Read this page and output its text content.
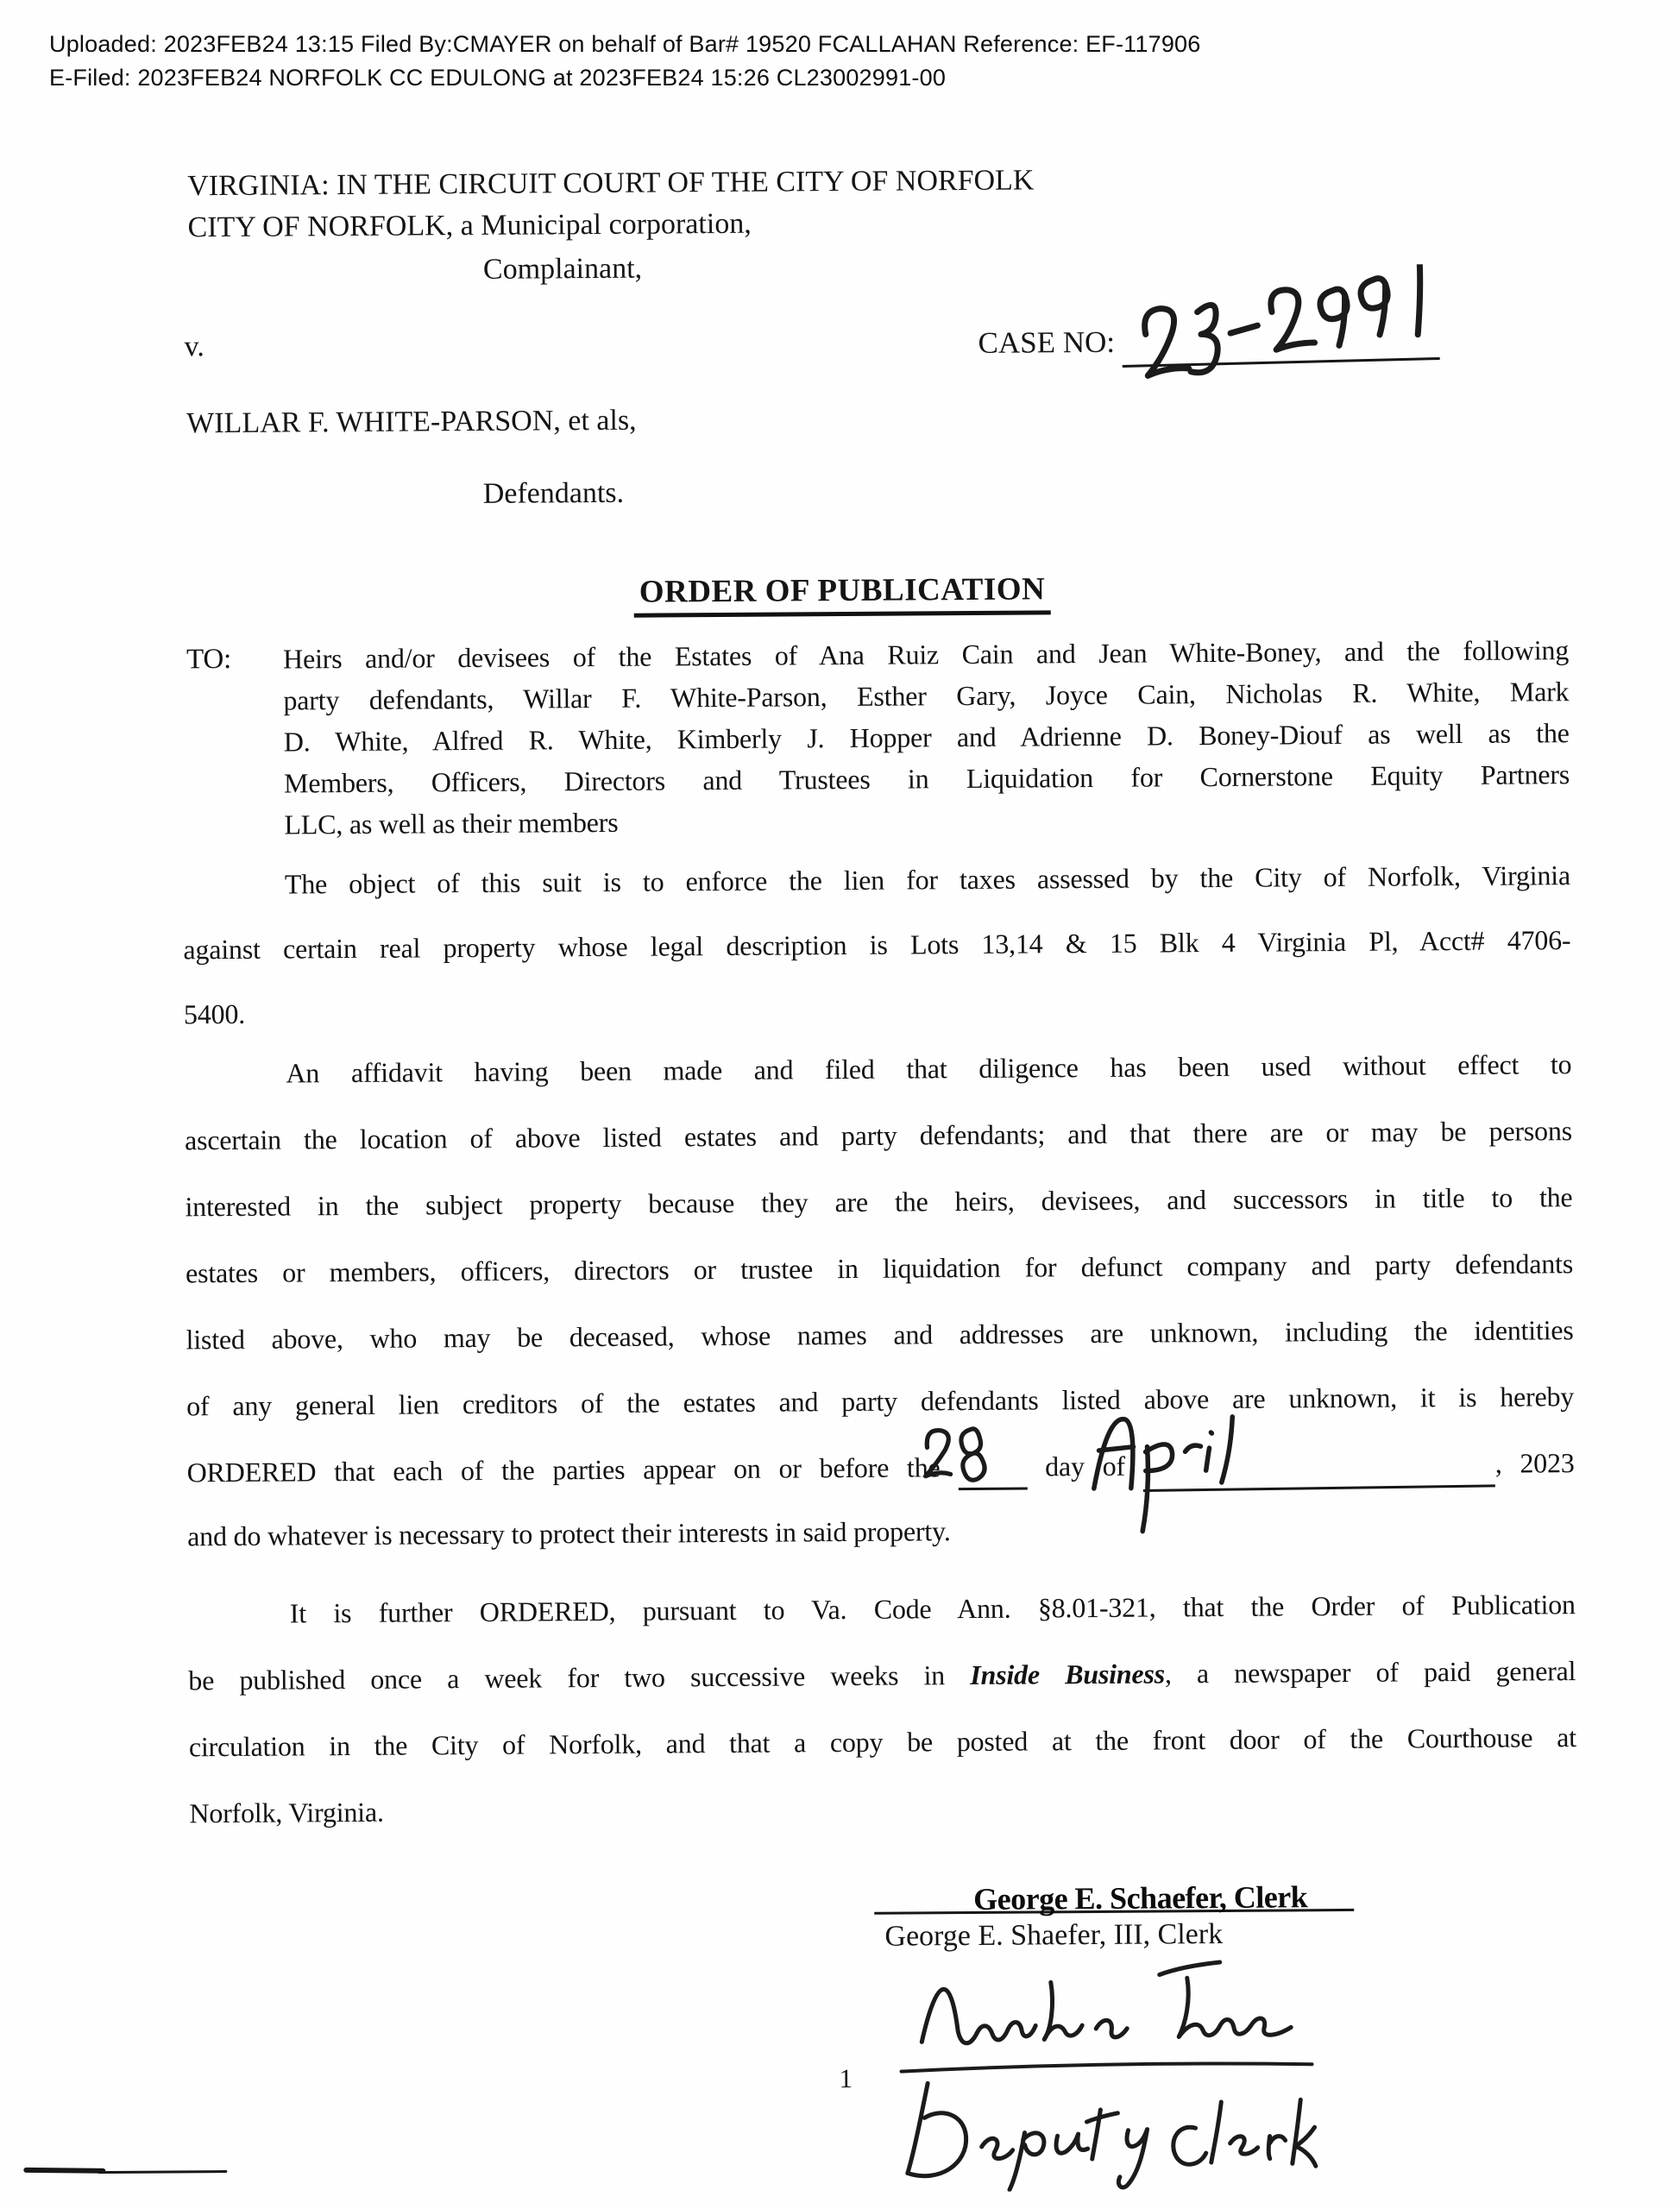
Uploaded: 2023FEB24 13:15 Filed By:CMAYER on behalf of Bar# 19520 FCALLAHAN Reference: EF-117906
E-Filed: 2023FEB24 NORFOLK CC EDULONG at 2023FEB24 15:26 CL23002991-00
VIRGINIA: IN THE CIRCUIT COURT OF THE CITY OF NORFOLK
CITY OF NORFOLK, a Municipal corporation,
Complainant,
v.	CASE NO:
WILLAR F. WHITE-PARSON, et als,
Defendants.
ORDER OF PUBLICATION
TO: Heirs and/or devisees of the Estates of Ana Ruiz Cain and Jean White-Boney, and the following
party defendants, Willar F. White-Parson, Esther Gary, Joyce Cain, Nicholas R. White, Mark
D. White, Alfred R. White, Kimberly J. Hopper and Adrienne D. Boney-Diouf as well as the
Members, Officers, Directors and Trustees in Liquidation for Cornerstone Equity Partners
LLC, as well as their members
The object of this suit is to enforce the lien for taxes assessed by the City of Norfolk, Virginia
against certain real property whose legal description is Lots 13,14 & 15 Blk 4 Virginia Pl, Acct# 4706-
5400.
An affidavit having been made and filed that diligence has been used without effect to
ascertain the location of above listed estates and party defendants; and that there are or may be persons
interested in the subject property because they are the heirs, devisees, and successors in title to the
estates or members, officers, directors or trustee in liquidation for defunct company and party defendants
listed above, who may be deceased, whose names and addresses are unknown, including the identities
of any general lien creditors of the estates and party defendants listed above are unknown, it is hereby
ORDERED that each of the parties appear on or before the	day of	, 2023
and do whatever is necessary to protect their interests in said property.
It is further ORDERED, pursuant to Va. Code Ann. §8.01-321, that the Order of Publication
be published once a week for two successive weeks in Inside Business, a newspaper of paid general
circulation in the City of Norfolk, and that a copy be posted at the front door of the Courthouse at
Norfolk, Virginia.
George E. Schaefer, Clerk
George E. Shaefer, III, Clerk
1
